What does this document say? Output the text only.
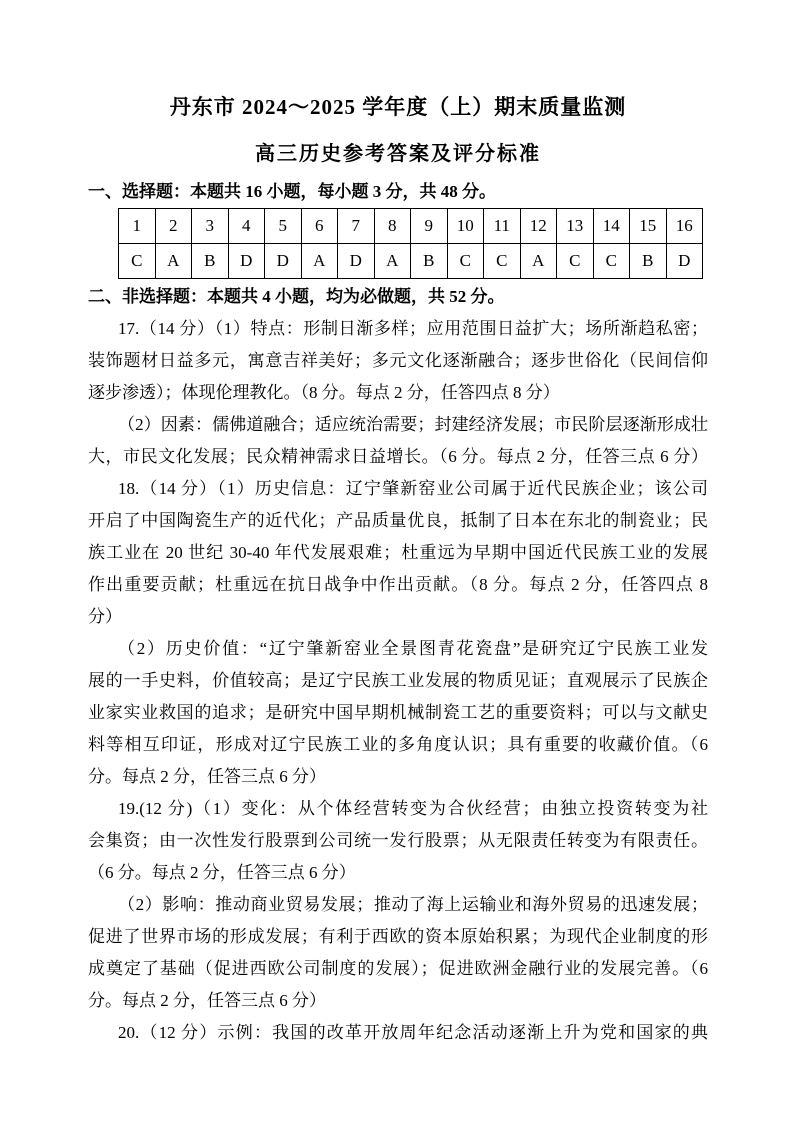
丹东市 2024～2025 学年度（上）期末质量监测
高三历史参考答案及评分标准
一、选择题：本题共 16 小题，每小题 3 分，共 48 分。
1	2	3	4	5	6	7	8	9	10	11	12	13	14	15	16
C	A	B	D	D	A	D	A	B	C	C	A	C	C	B	D
二、非选择题：本题共 4 小题，均为必做题，共 52 分。
17.（14 分）（1）特点：形制日渐多样；应用范围日益扩大；场所渐趋私密；
装饰题材日益多元，寓意吉祥美好；多元文化逐渐融合；逐步世俗化（民间信仰
逐步渗透）；体现伦理教化。（8 分。每点 2 分，任答四点 8 分）
（2）因素：儒佛道融合；适应统治需要；封建经济发展；市民阶层逐渐形成壮
大，市民文化发展；民众精神需求日益增长。（6 分。每点 2 分，任答三点 6 分）
18.（14 分）（1）历史信息：辽宁肇新窑业公司属于近代民族企业；该公司
开启了中国陶瓷生产的近代化；产品质量优良，抵制了日本在东北的制瓷业；民
族工业在 20 世纪 30-40 年代发展艰难；杜重远为早期中国近代民族工业的发展
作出重要贡献；杜重远在抗日战争中作出贡献。（8 分。每点 2 分，任答四点 8
分）
（2）历史价值：“辽宁肇新窑业全景图青花瓷盘”是研究辽宁民族工业发
展的一手史料，价值较高；是辽宁民族工业发展的物质见证；直观展示了民族企
业家实业救国的追求；是研究中国早期机械制瓷工艺的重要资料；可以与文献史
料等相互印证，形成对辽宁民族工业的多角度认识；具有重要的收藏价值。（6
分。每点 2 分，任答三点 6 分）
19.(12 分)（1）变化：从个体经营转变为合伙经营；由独立投资转变为社
会集资；由一次性发行股票到公司统一发行股票；从无限责任转变为有限责任。
（6 分。每点 2 分，任答三点 6 分）
（2）影响：推动商业贸易发展；推动了海上运输业和海外贸易的迅速发展；
促进了世界市场的形成发展；有利于西欧的资本原始积累；为现代企业制度的形
成奠定了基础（促进西欧公司制度的发展）；促进欧洲金融行业的发展完善。（6
分。每点 2 分，任答三点 6 分）
20.（12 分）示例：我国的改革开放周年纪念活动逐渐上升为党和国家的典
